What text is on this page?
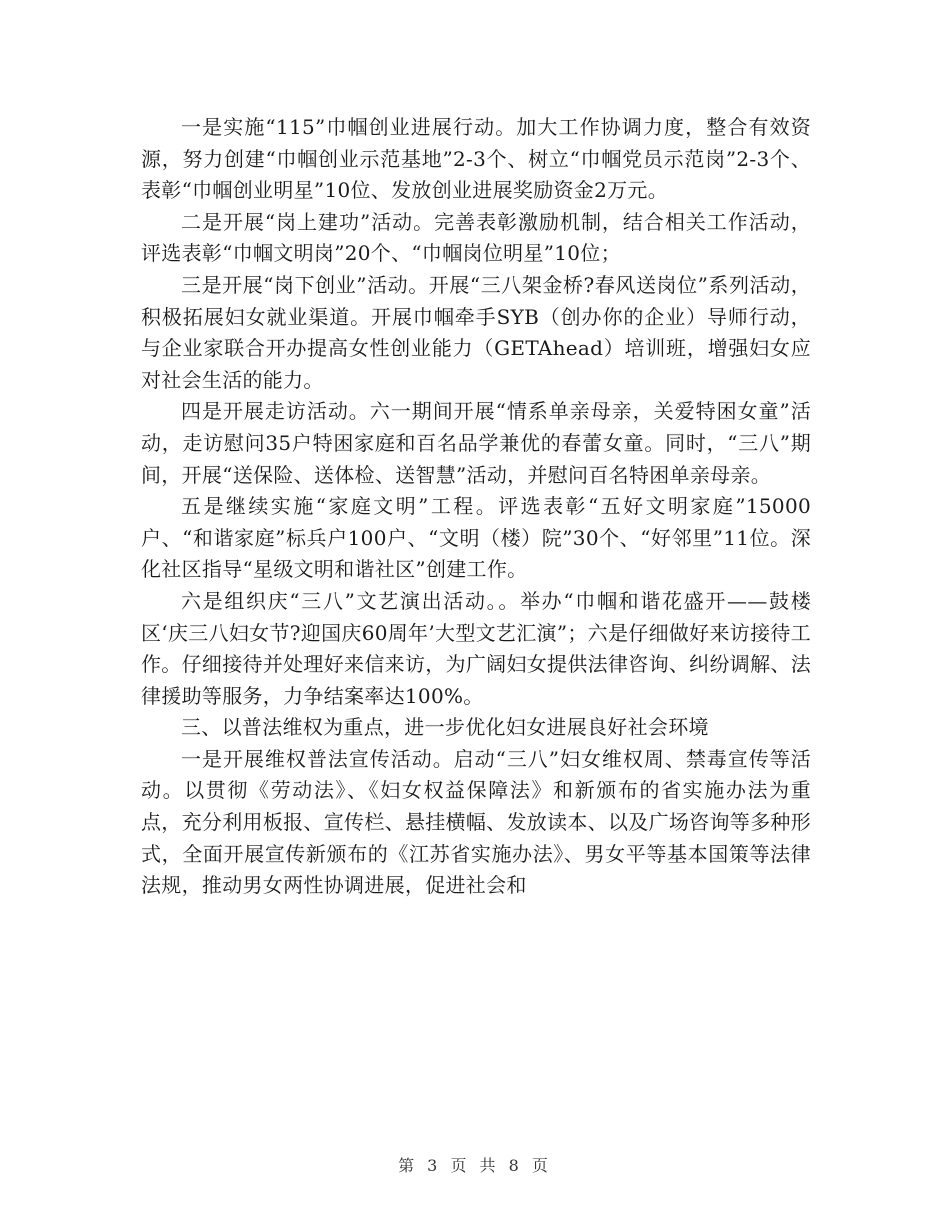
一是实施“115”巾帼创业进展行动。加大工作协调力度，整合有效资源，努力创建“巾帼创业示范基地”2-3个、树立“巾帼党员示范岗”2-3个、表彰“巾帼创业明星”10位、发放创业进展奖励资金2万元。

二是开展“岗上建功”活动。完善表彰激励机制，结合相关工作活动，评选表彰“巾帼文明岗”20个、“巾帼岗位明星”10位；

三是开展“岗下创业”活动。开展“三八架金桥?春风送岗位”系列活动，积极拓展妇女就业渠道。开展巾帼牵手SYB（创办你的企业）导师行动，与企业家联合开办提高女性创业能力（GETAhead）培训班，增强妇女应对社会生活的能力。

四是开展走访活动。六一期间开展“情系单亲母亲，关爱特困女童”活动，走访慰问35户特困家庭和百名品学兼优的春蕾女童。同时，“三八”期间，开展“送保险、送体检、送智慧”活动，并慰问百名特困单亲母亲。

五是继续实施“家庭文明”工程。评选表彰“五好文明家庭”15000户、“和谐家庭”标兵户100户、“文明（楼）院”30个、“好邻里”11位。深化社区指导“星级文明和谐社区”创建工作。

六是组织庆“三八”文艺演出活动。。举办“巾帼和谐花盛开——鼓楼区‘庆三八妇女节?迎国庆60周年’大型文艺汇演”；六是仔细做好来访接待工作。仔细接待并处理好来信来访，为广阔妇女提供法律咨询、纠纷调解、法律援助等服务，力争结案率达100%。

三、以普法维权为重点，进一步优化妇女进展良好社会环境

一是开展维权普法宣传活动。启动“三八”妇女维权周、禁毒宣传等活动。以贯彻《劳动法》、《妇女权益保障法》和新颁布的省实施办法为重点，充分利用板报、宣传栏、悬挂横幅、发放读本、以及广场咨询等多种形式，全面开展宣传新颁布的《江苏省实施办法》、男女平等基本国策等法律法规，推动男女两性协调进展，促进社会和

第 3 页 共 8 页
